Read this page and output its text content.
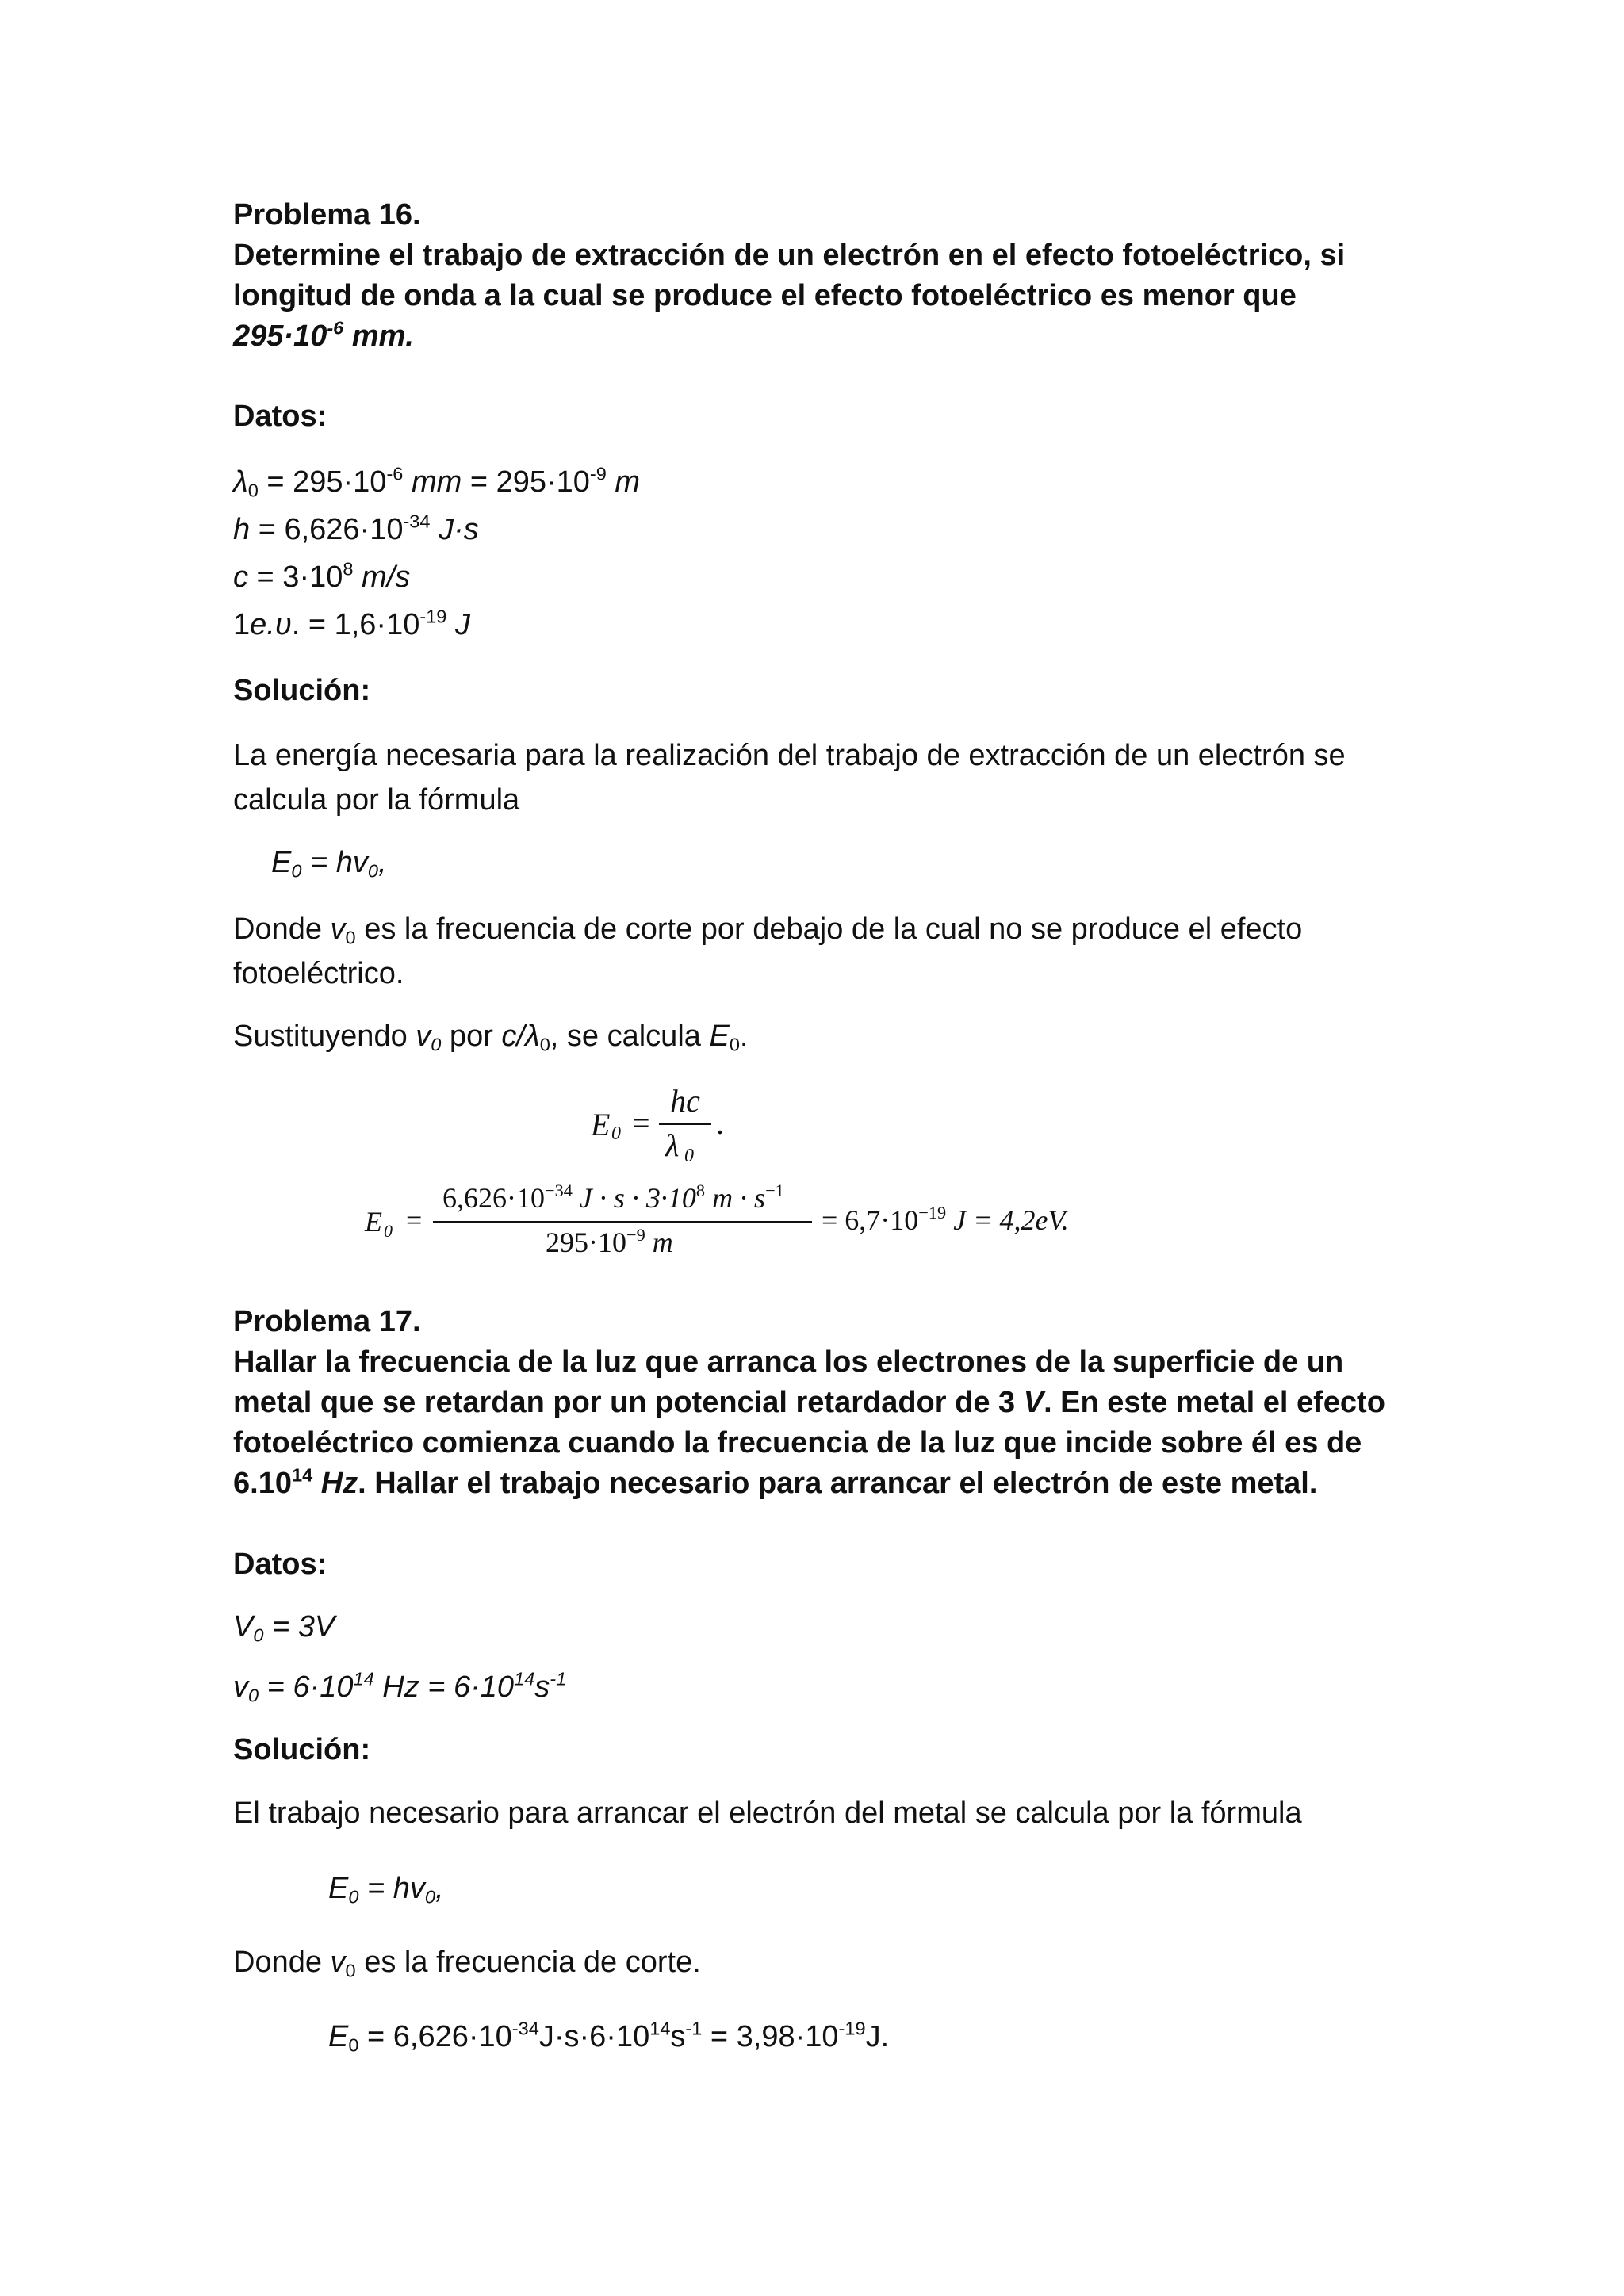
Problema 16.
Determine el trabajo de extracción de un electrón en el efecto fotoeléctrico, si
longitud de onda a la cual se produce el efecto fotoeléctrico es menor que
$295\cdot 10^{-6}$ mm.
Datos:
$\lambda_0 = 295\cdot 10^{-6}$ mm = $295\cdot 10^{-9}$ m
$h = 6,626\cdot 10^{-34}$ J·s
$c = 3\cdot 10^8$ m/s
1e.υ. = $1,6\cdot 10^{-19}$ J
Solución:
La energía necesaria para la realización del trabajo de extracción de un electrón se
calcula por la fórmula
$E_0 = hv_0$,
Donde $v_0$ es la frecuencia de corte por debajo de la cual no se produce el efecto
fotoeléctrico.
Sustituyendo $v_0$ por $c/\lambda_0$, se calcula $E_0$.
E 0 =
hc
λ 0
.
E 0 =
$6,626\cdot 10^{-34}$ $J \cdot s \cdot 3\cdot 10^8$ $m \cdot s^{-1}$
$295\cdot 10^{-9}$ m
= $6,7\cdot 10^{-19}$ J = 4,2eV.
Problema 17.
Hallar la frecuencia de la luz que arranca los electrones de la superficie de un
metal que se retardan por un potencial retardador de 3 V. En este metal el efecto
fotoeléctrico comienza cuando la frecuencia de la luz que incide sobre él es de
6.10$^{14}$ Hz. Hallar el trabajo necesario para arrancar el electrón de este metal.
Datos:
$V_0 = 3V$
$v_0 = 6\cdot 10^{14}$ $Hz = 6\cdot 10^{14}s^{-1}$
Solución:
El trabajo necesario para arrancar el electrón del metal se calcula por la fórmula
$E_0 = hv_0$,
Donde $v_0$ es la frecuencia de corte.
$E_0 = 6,626\cdot 10^{-34}J\cdot s\cdot 6\cdot 10^{14}s^{-1} = 3,98\cdot 10^{-19}J$.
